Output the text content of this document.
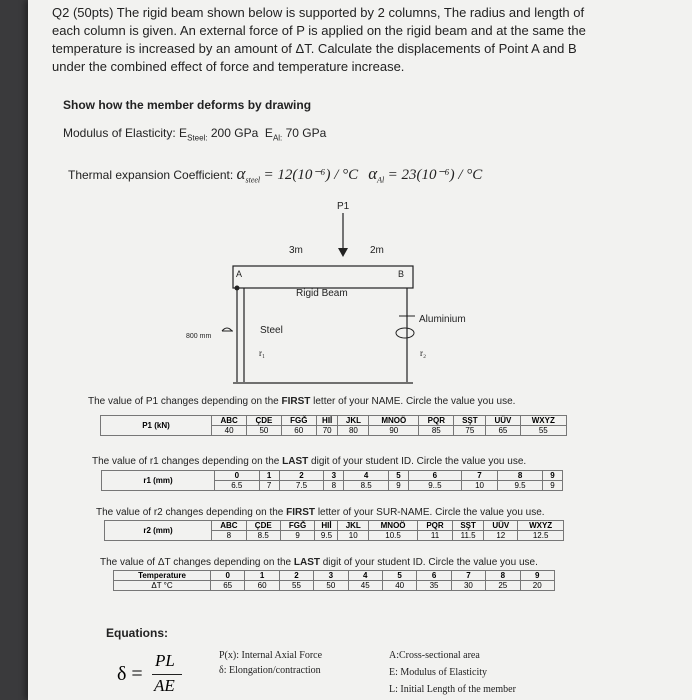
Q2 (50pts) The rigid beam shown below is supported by 2 columns, The radius and length of each column is given. An external force of P is applied on the rigid beam and at the same the temperature is increased by an amount of ΔT. Calculate the displacements of Point A and B under the combined effect of force and temperature increase.

Show how the member deforms by drawing

Modulus of Elasticity: $E_{Steel:}$ 200 GPa $E_{Al:}$ 70 GPa

Thermal expansion Coefficient: $\alpha_{steel} = 12(10^{-6}) / ^\circ C$ $\alpha_{Al} = 23(10^{-6}) / ^\circ C$

P1
3m	2m
A	B
Rigid Beam
Steel
Aluminium
800 mm
r₁	r₂

The value of P1 changes depending on the FIRST letter of your NAME. Circle the value you use.

P1 (kN)	ABC	ÇDE	FGĞ	HIİ	JKL	MNOÖ	PQR	SŞT	UÜV	WXYZ
	40	50	60	70	80	90	85	75	65	55

The value of r1 changes depending on the LAST digit of your student ID. Circle the value you use.

r1 (mm)	0	1	2	3	4	5	6	7	8	9
	6.5	7	7.5	8	8.5	9	9..5	10	9.5	9

The value of r2 changes depending on the FIRST letter of your SUR-NAME. Circle the value you use.

r2 (mm)	ABC	ÇDE	FGĞ	HIİ	JKL	MNOÖ	PQR	SŞT	UÜV	WXYZ
	8	8.5	9	9.5	10	10.5	11	11.5	12	12.5

The value of ΔT changes depending on the LAST digit of your student ID. Circle the value you use.

Temperature	0	1	2	3	4	5	6	7	8	9
ΔT °C	65	60	55	50	45	40	35	30	25	20

Equations:

δ =
PL
AE

P(x): Internal Axial Force

δ: Elongation/contraction

A:Cross-sectional area

E: Modulus of Elasticity

L: Initial Length of the member
